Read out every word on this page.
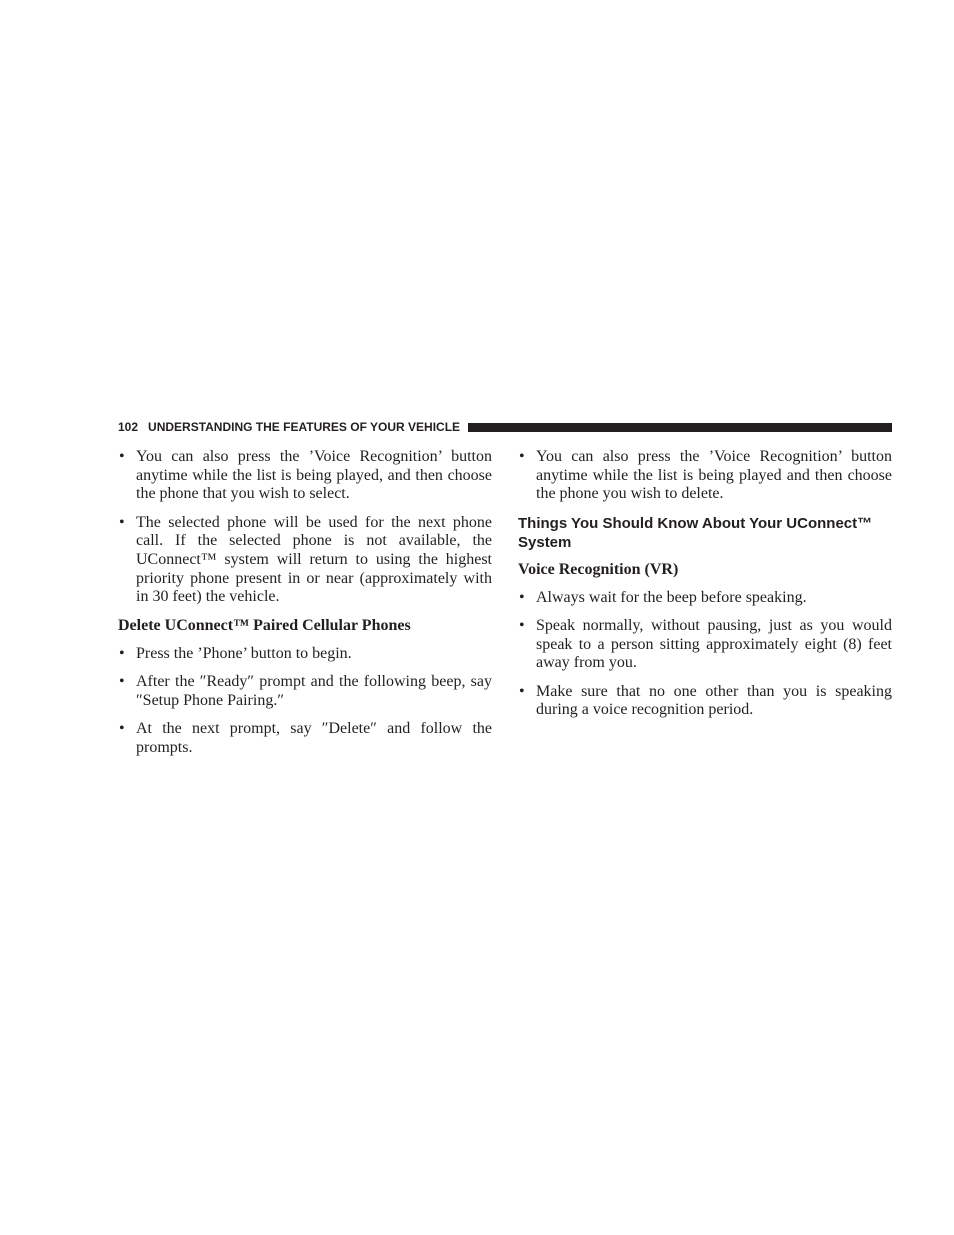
102 UNDERSTANDING THE FEATURES OF YOUR VEHICLE
• You can also press the ’Voice Recognition’ button anytime while the list is being played, and then choose the phone that you wish to select.
• The selected phone will be used for the next phone call. If the selected phone is not available, the UConnect™ system will return to using the highest priority phone present in or near (approximately with in 30 feet) the vehicle.
Delete UConnect™ Paired Cellular Phones
• Press the ’Phone’ button to begin.
• After the ″Ready″ prompt and the following beep, say ″Setup Phone Pairing.″
• At the next prompt, say ″Delete″ and follow the prompts.
• You can also press the ’Voice Recognition’ button anytime while the list is being played and then choose the phone you wish to delete.
Things You Should Know About Your UConnect™ System
Voice Recognition (VR)
• Always wait for the beep before speaking.
• Speak normally, without pausing, just as you would speak to a person sitting approximately eight (8) feet away from you.
• Make sure that no one other than you is speaking during a voice recognition period.
